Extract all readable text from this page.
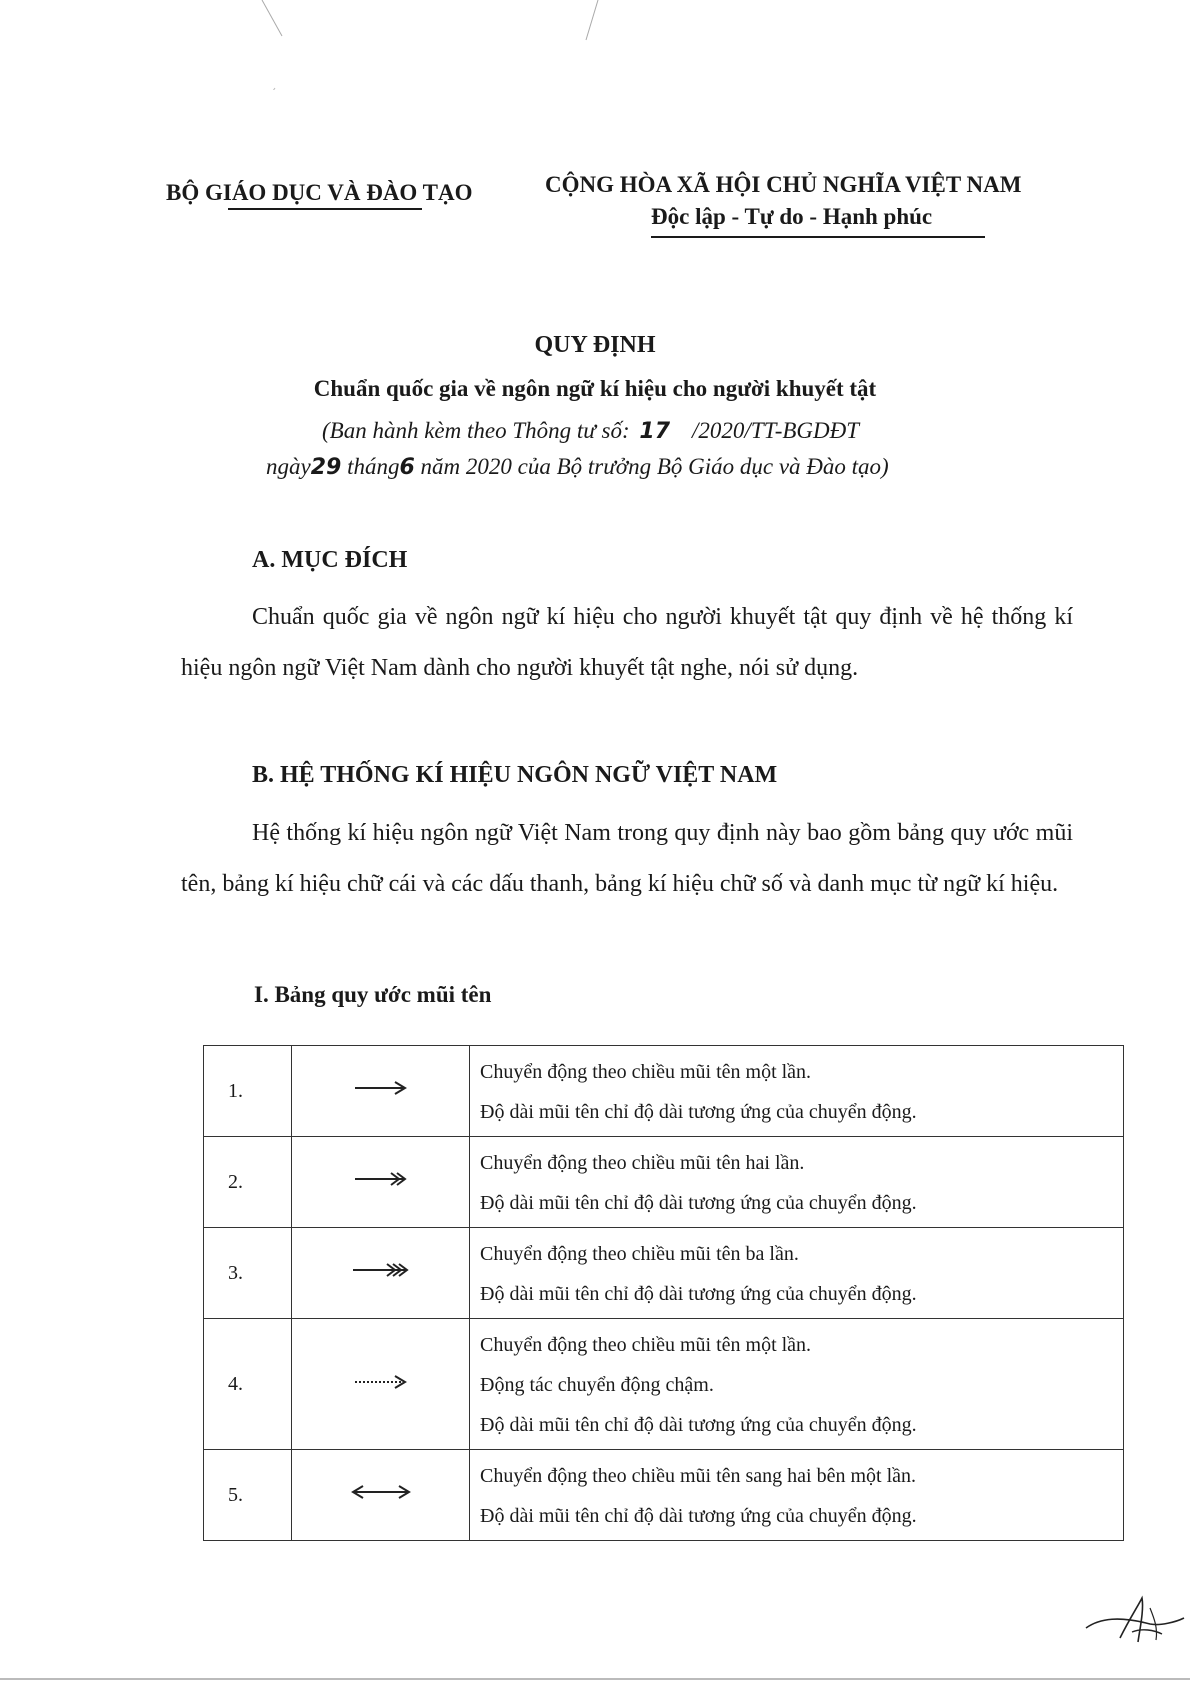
BỘ GIÁO DỤC VÀ ĐÀO TẠO	CỘNG HÒA XÃ HỘI CHỦ NGHĨA VIỆT NAM
Độc lập - Tự do - Hạnh phúc
QUY ĐỊNH
Chuẩn quốc gia về ngôn ngữ kí hiệu cho người khuyết tật
(Ban hành kèm theo Thông tư số: 17 /2020/TT-BGDĐT
ngày29 tháng6 năm 2020 của Bộ trưởng Bộ Giáo dục và Đào tạo)
A. MỤC ĐÍCH
Chuẩn quốc gia về ngôn ngữ kí hiệu cho người khuyết tật quy định về hệ thống kí hiệu ngôn ngữ Việt Nam dành cho người khuyết tật nghe, nói sử dụng.
B. HỆ THỐNG KÍ HIỆU NGÔN NGỮ VIỆT NAM
Hệ thống kí hiệu ngôn ngữ Việt Nam trong quy định này bao gồm bảng quy ước mũi tên, bảng kí hiệu chữ cái và các dấu thanh, bảng kí hiệu chữ số và danh mục từ ngữ kí hiệu.
I. Bảng quy ước mũi tên
1.		Chuyển động theo chiều mũi tên một lần.
Độ dài mũi tên chỉ độ dài tương ứng của chuyển động.

2.		Chuyển động theo chiều mũi tên hai lần.
Độ dài mũi tên chỉ độ dài tương ứng của chuyển động.

3.		Chuyển động theo chiều mũi tên ba lần.
Độ dài mũi tên chỉ độ dài tương ứng của chuyển động.

4.		Chuyển động theo chiều mũi tên một lần.
Động tác chuyển động chậm.
Độ dài mũi tên chỉ độ dài tương ứng của chuyển động.

5.		Chuyển động theo chiều mũi tên sang hai bên một lần.
Độ dài mũi tên chỉ độ dài tương ứng của chuyển động.
